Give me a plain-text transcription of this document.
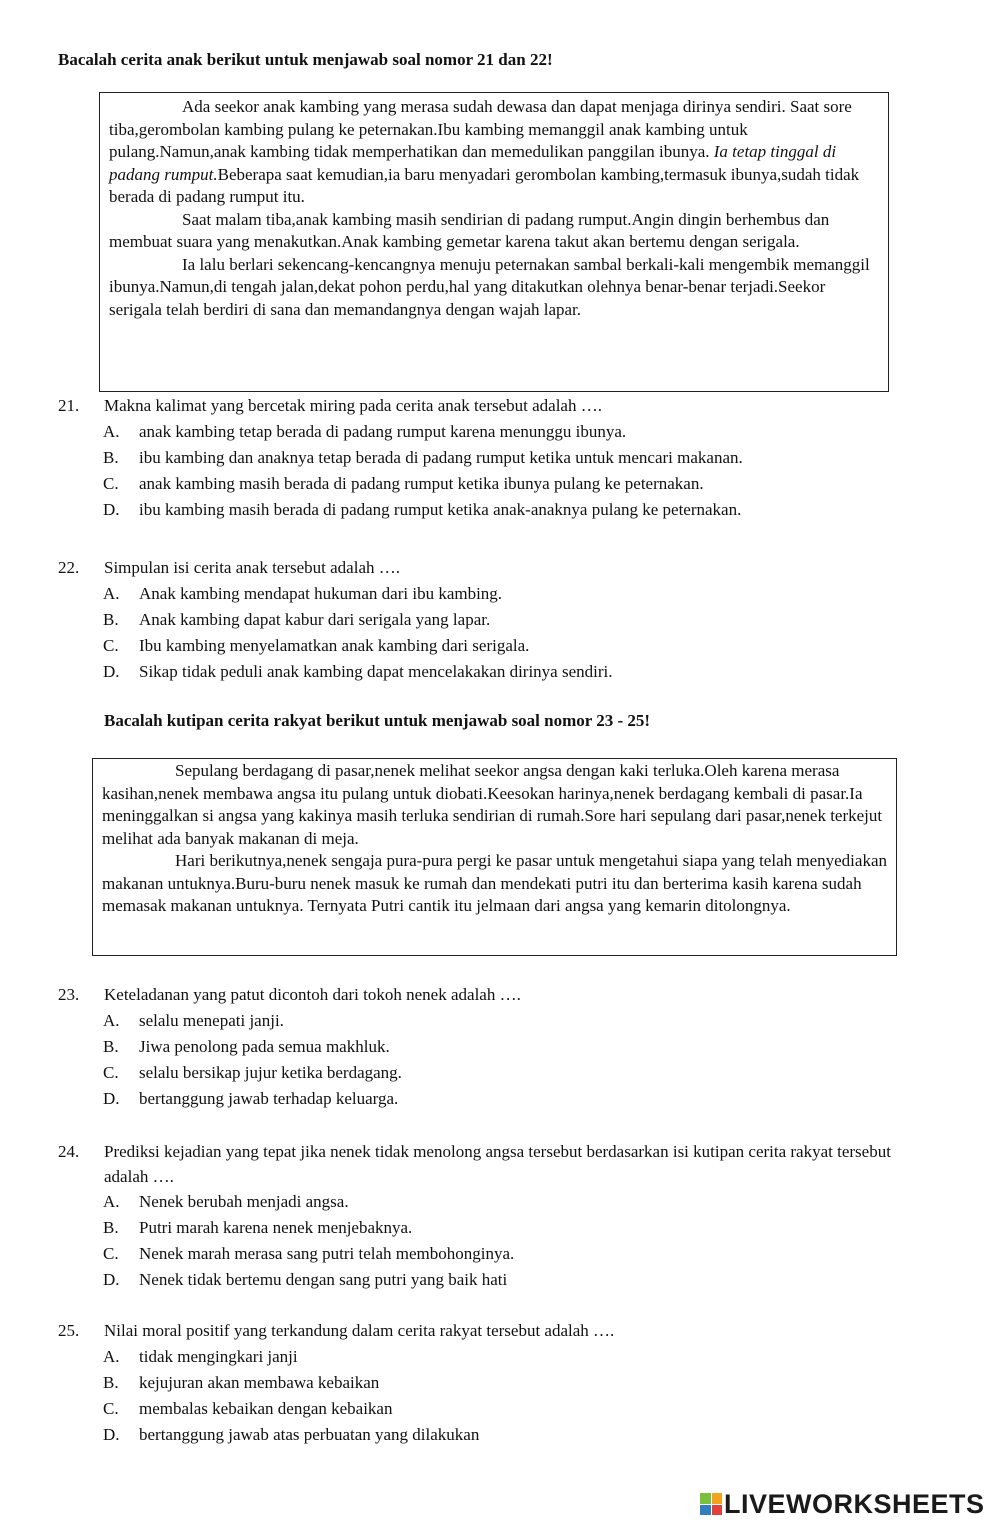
Bacalah cerita anak berikut untuk menjawab soal nomor 21 dan 22!

Ada seekor anak kambing yang merasa sudah dewasa dan dapat menjaga dirinya sendiri. Saat sore tiba,gerombolan kambing pulang ke peternakan.Ibu kambing memanggil anak kambing untuk pulang.Namun,anak kambing tidak memperhatikan dan memedulikan panggilan ibunya. Ia tetap tinggal di padang rumput.Beberapa saat kemudian,ia baru menyadari gerombolan kambing,termasuk ibunya,sudah tidak berada di padang rumput itu.

Saat malam tiba,anak kambing masih sendirian di padang rumput.Angin dingin berhembus dan membuat suara yang menakutkan.Anak kambing gemetar karena takut akan bertemu dengan serigala.

Ia lalu berlari sekencang-kencangnya menuju peternakan sambal berkali-kali mengembik memanggil ibunya.Namun,di tengah jalan,dekat pohon perdu,hal yang ditakutkan olehnya benar-benar terjadi.Seekor serigala telah berdiri di sana dan memandangnya dengan wajah lapar.

21.	Makna kalimat yang bercetak miring pada cerita anak tersebut adalah ….
A.	anak kambing tetap berada di padang rumput karena menunggu ibunya.
B.	ibu kambing dan anaknya tetap berada di padang rumput ketika untuk mencari makanan.
C.	anak kambing masih berada di padang rumput ketika ibunya pulang ke peternakan.
D.	ibu kambing masih berada di padang rumput ketika anak-anaknya pulang ke peternakan.
22.	Simpulan isi cerita anak tersebut adalah ….
A.	Anak kambing mendapat hukuman dari ibu kambing.
B.	Anak kambing dapat kabur dari serigala yang lapar.
C.	Ibu kambing menyelamatkan anak kambing dari serigala.
D.	Sikap tidak peduli anak kambing dapat mencelakakan dirinya sendiri.
Bacalah kutipan cerita rakyat berikut untuk menjawab soal nomor 23 - 25!

Sepulang berdagang di pasar,nenek melihat seekor angsa dengan kaki terluka.Oleh karena merasa kasihan,nenek membawa angsa itu pulang untuk diobati.Keesokan harinya,nenek berdagang kembali di pasar.Ia meninggalkan si angsa yang kakinya masih terluka sendirian di rumah.Sore hari sepulang dari pasar,nenek terkejut melihat ada banyak makanan di meja.

Hari berikutnya,nenek sengaja pura-pura pergi ke pasar untuk mengetahui siapa yang telah menyediakan makanan untuknya.Buru-buru nenek masuk ke rumah dan mendekati putri itu dan berterima kasih karena sudah memasak makanan untuknya. Ternyata Putri cantik itu jelmaan dari angsa yang kemarin ditolongnya.

23.	Keteladanan yang patut dicontoh dari tokoh nenek adalah ….
A.	selalu menepati janji.
B.	Jiwa penolong pada semua makhluk.
C.	selalu bersikap jujur ketika berdagang.
D.	bertanggung jawab terhadap keluarga.
24.	Prediksi kejadian yang tepat jika nenek tidak menolong angsa tersebut berdasarkan isi kutipan cerita rakyat tersebut adalah ….
A.	Nenek berubah menjadi angsa.
B.	Putri marah karena nenek menjebaknya.
C.	Nenek marah merasa sang putri telah membohonginya.
D.	Nenek tidak bertemu dengan sang putri yang baik hati
25.	Nilai moral positif yang terkandung dalam cerita rakyat tersebut adalah ….
A.	tidak mengingkari janji
B.	kejujuran akan membawa kebaikan
C.	membalas kebaikan dengan kebaikan
D.	bertanggung jawab atas perbuatan yang dilakukan
LIVEWORKSHEETS
